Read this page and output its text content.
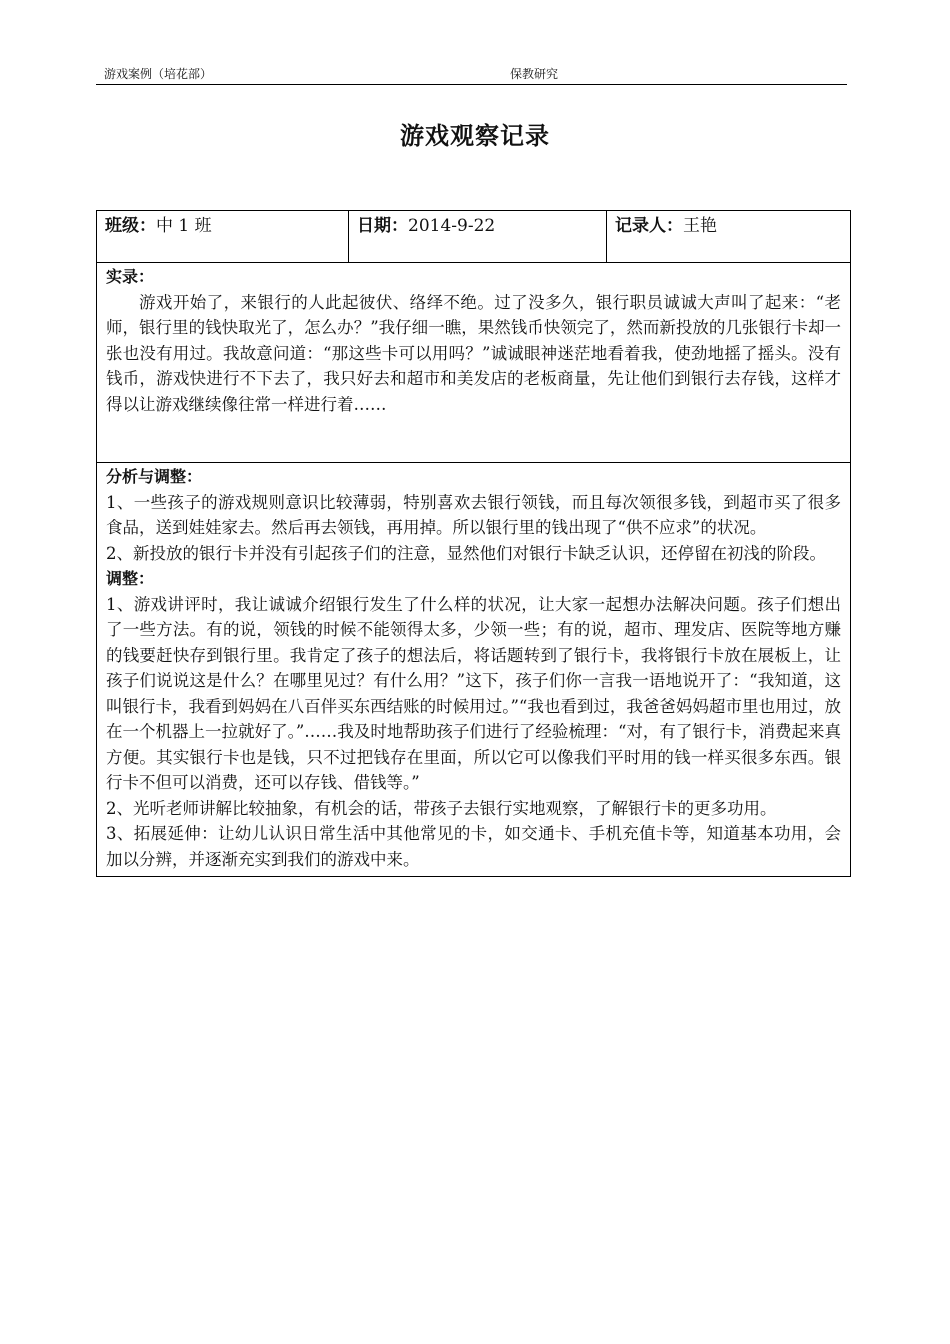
游戏案例（培花部）	保教研究
游戏观察记录
班级：中 1 班	日期：2014-9-22	记录人：王艳
实录：

游戏开始了，来银行的人此起彼伏、络绎不绝。过了没多久，银行职员诚诚大声叫了起来：“老师，银行里的钱快取光了，怎么办？”我仔细一瞧，果然钱币快领完了，然而新投放的几张银行卡却一张也没有用过。我故意问道：“那这些卡可以用吗？”诚诚眼神迷茫地看着我，使劲地摇了摇头。没有钱币，游戏快进行不下去了，我只好去和超市和美发店的老板商量，先让他们到银行去存钱，这样才得以让游戏继续像往常一样进行着……

分析与调整：

1、一些孩子的游戏规则意识比较薄弱，特别喜欢去银行领钱，而且每次领很多钱，到超市买了很多食品，送到娃娃家去。然后再去领钱，再用掉。所以银行里的钱出现了“供不应求”的状况。

2、新投放的银行卡并没有引起孩子们的注意，显然他们对银行卡缺乏认识，还停留在初浅的阶段。

调整：

1、游戏讲评时，我让诚诚介绍银行发生了什么样的状况，让大家一起想办法解决问题。孩子们想出了一些方法。有的说，领钱的时候不能领得太多，少领一些；有的说，超市、理发店、医院等地方赚的钱要赶快存到银行里。我肯定了孩子的想法后，将话题转到了银行卡，我将银行卡放在展板上，让孩子们说说这是什么？在哪里见过？有什么用？”这下，孩子们你一言我一语地说开了：“我知道，这叫银行卡，我看到妈妈在八百伴买东西结账的时候用过。”“我也看到过，我爸爸妈妈超市里也用过，放在一个机器上一拉就好了。”……我及时地帮助孩子们进行了经验梳理：“对，有了银行卡，消费起来真方便。其实银行卡也是钱，只不过把钱存在里面，所以它可以像我们平时用的钱一样买很多东西。银行卡不但可以消费，还可以存钱、借钱等。”

2、光听老师讲解比较抽象，有机会的话，带孩子去银行实地观察，了解银行卡的更多功用。

3、拓展延伸：让幼儿认识日常生活中其他常见的卡，如交通卡、手机充值卡等，知道基本功用，会加以分辨，并逐渐充实到我们的游戏中来。
